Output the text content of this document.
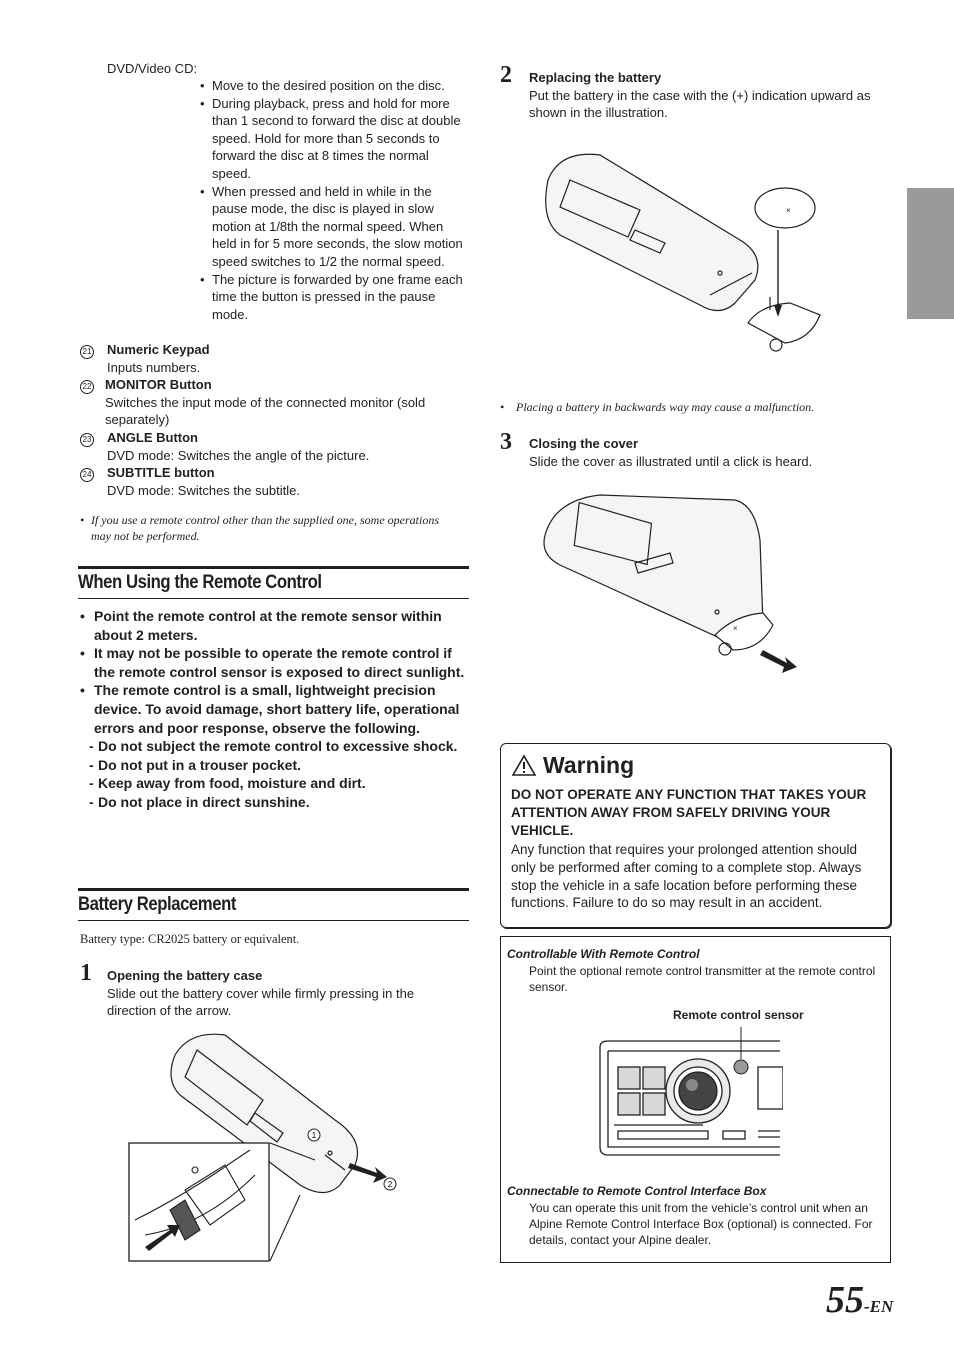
DVD/Video CD:
• Move to the desired position on the disc.
• During playback, press and hold for more than 1 second to forward the disc at double speed. Hold for more than 5 seconds to forward the disc at 8 times the normal speed.
• When pressed and held in while in the pause mode, the disc is played in slow motion at 1/8th the normal speed. When held in for 5 more seconds, the slow motion speed switches to 1/2 the normal speed.
• The picture is forwarded by one frame each time the button is pressed in the pause mode.
21	Numeric Keypad
Inputs numbers.
22	MONITOR Button
Switches the input mode of the connected monitor (sold separately)
23	ANGLE Button
DVD mode: Switches the angle of the picture.
24	SUBTITLE button
DVD mode: Switches the subtitle.
• If you use a remote control other than the supplied one, some operations may not be performed.
When Using the Remote Control
• Point the remote control at the remote sensor within about 2 meters.
• It may not be possible to operate the remote control if the remote control sensor is exposed to direct sunlight.
• The remote control is a small, lightweight precision device. To avoid damage, short battery life, operational errors and poor response, observe the following.
- Do not subject the remote control to excessive shock.
- Do not put in a trouser pocket.
- Keep away from food, moisture and dirt.
- Do not place in direct sunshine.
Battery Replacement
Battery type: CR2025 battery or equivalent.
1 Opening the battery case
Slide out the battery cover while firmly pressing in the direction of the arrow.
1
2
2 Replacing the battery
Put the battery in the case with the (+) indication upward as shown in the illustration.
×
• Placing a battery in backwards way may cause a malfunction.
3 Closing the cover
Slide the cover as illustrated until a click is heard.
×
Warning
DO NOT OPERATE ANY FUNCTION THAT TAKES YOUR ATTENTION AWAY FROM SAFELY DRIVING YOUR VEHICLE.
Any function that requires your prolonged attention should only be performed after coming to a complete stop. Always stop the vehicle in a safe location before performing these functions. Failure to do so may result in an accident.
Controllable With Remote Control
Point the optional remote control transmitter at the remote control sensor.
Remote control sensor
Connectable to Remote Control Interface Box
You can operate this unit from the vehicle’s control unit when an Alpine Remote Control Interface Box (optional) is connected. For details, contact your Alpine dealer.
55-EN
